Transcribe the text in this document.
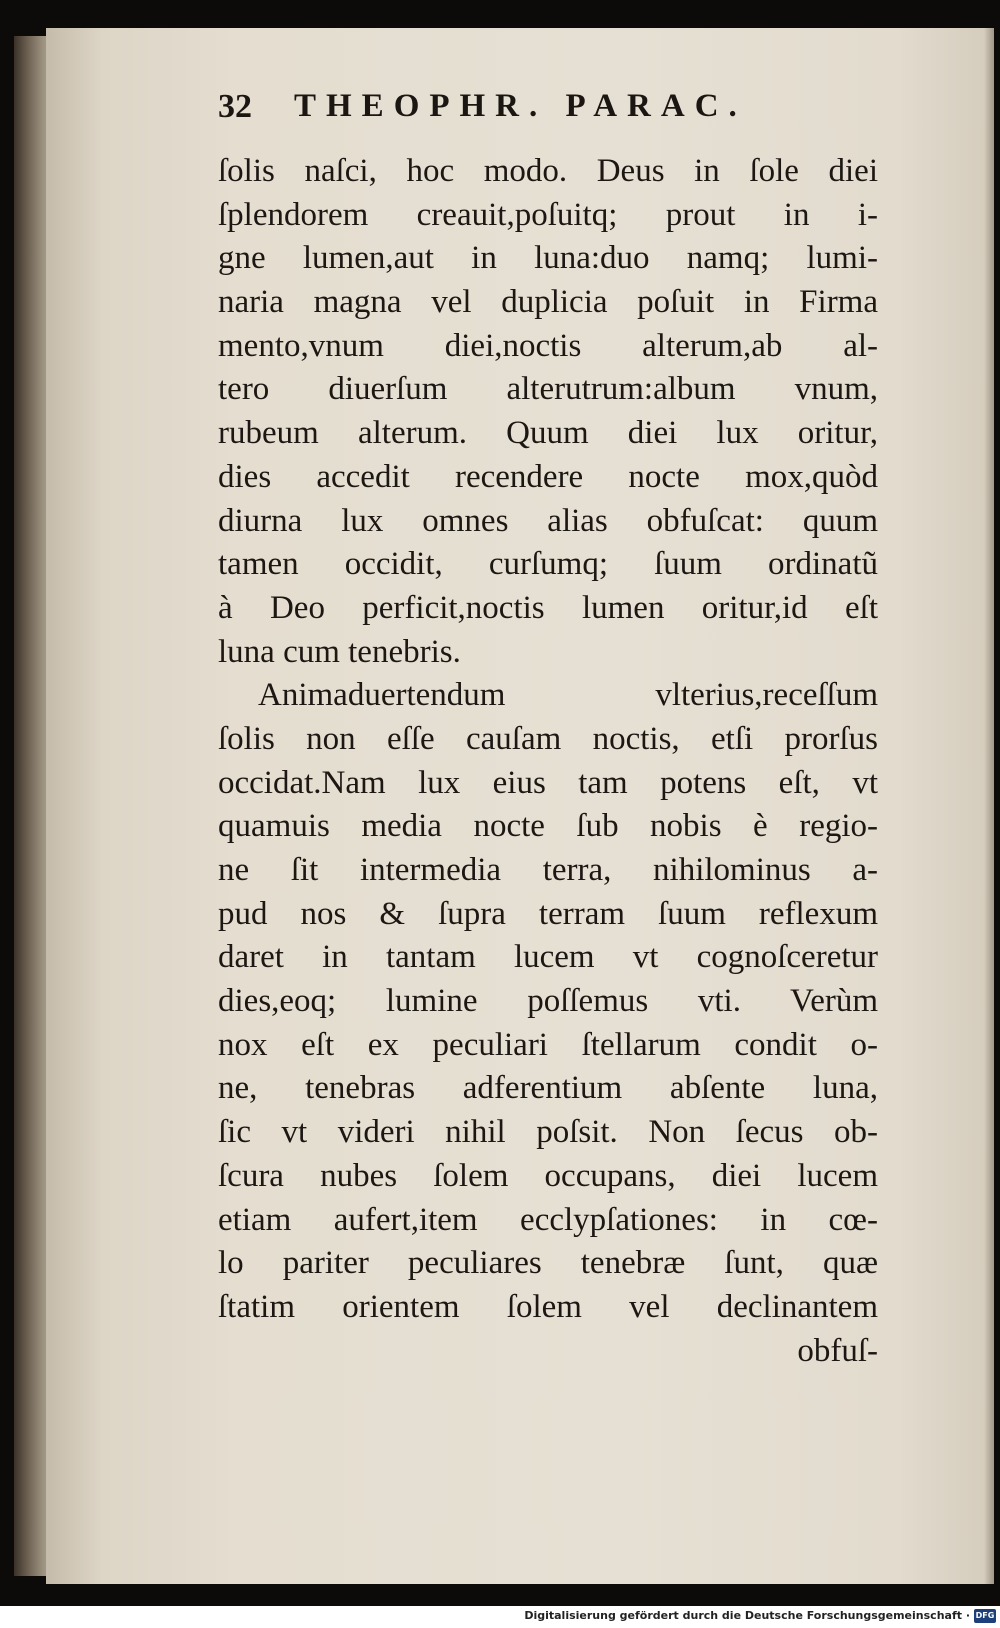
32 THEOPHR. PARAC.
ſolis naſci, hoc modo. Deus in ſole diei
ſplendorem creauit,poſuitq; prout in i-
gne lumen,aut in luna:duo namq; lumi-
naria magna vel duplicia poſuit in Firma
mento,vnum diei,noctis alterum,ab al-
tero diuerſum alterutrum:album vnum,
rubeum alterum. Quum diei lux oritur,
dies accedit recendere nocte mox,quòd
diurna lux omnes alias obfuſcat: quum
tamen occidit, curſumq; ſuum ordinatũ
à Deo perficit,noctis lumen oritur,id eſt
luna cum tenebris.
Animaduertendum vlterius,receſſum
ſolis non eſſe cauſam noctis, etſi prorſus
occidat.Nam lux eius tam potens eſt, vt
quamuis media nocte ſub nobis è regio-
ne ſit intermedia terra, nihilominus a-
pud nos & ſupra terram ſuum reflexum
daret in tantam lucem vt cognoſceretur
dies,eoq; lumine poſſemus vti. Verùm
nox eſt ex peculiari ſtellarum condit o-
ne, tenebras adferentium abſente luna,
ſic vt videri nihil poſsit. Non ſecus ob-
ſcura nubes ſolem occupans, diei lucem
etiam aufert,item ecclypſationes: in cœ-
lo pariter peculiares tenebræ ſunt, quæ
ſtatim orientem ſolem vel declinantem
obfuſ-
Digitalisierung gefördert durch die Deutsche Forschungsgemeinschaft · DFG
